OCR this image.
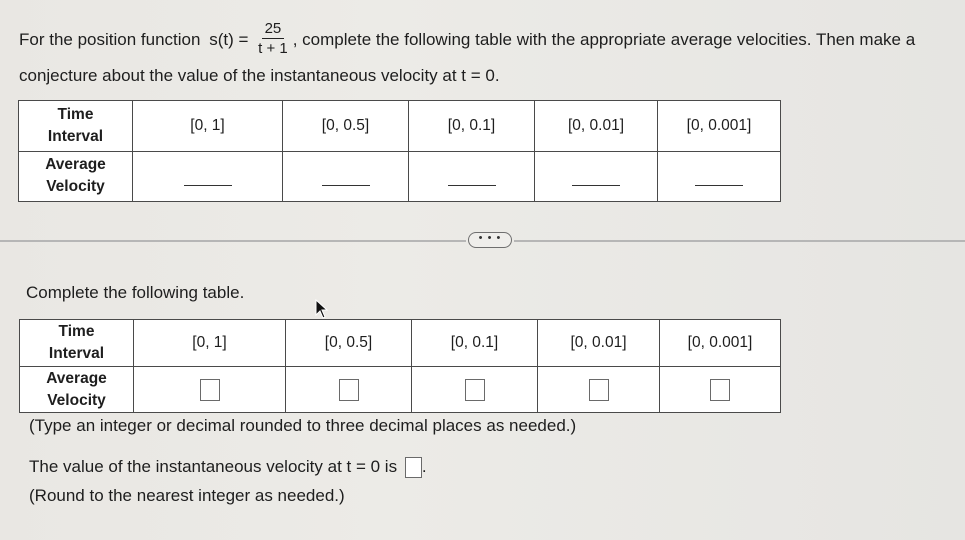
For the position function $s(t) = \frac{25}{t + 1}$ , complete the following table with the appropriate average velocities. Then make a
conjecture about the value of the instantaneous velocity at t = 0.
Time
Interval	[0, 1]	[0, 0.5]	[0, 0.1]	[0, 0.01]	[0, 0.001]

Average
Velocity					

• • •
Complete the following table.
Time
Interval	[0, 1]	[0, 0.5]	[0, 0.1]	[0, 0.01]	[0, 0.001]

Average
Velocity					

(Type an integer or decimal rounded to three decimal places as needed.)
The value of the instantaneous velocity at t = 0 is .
(Round to the nearest integer as needed.)
